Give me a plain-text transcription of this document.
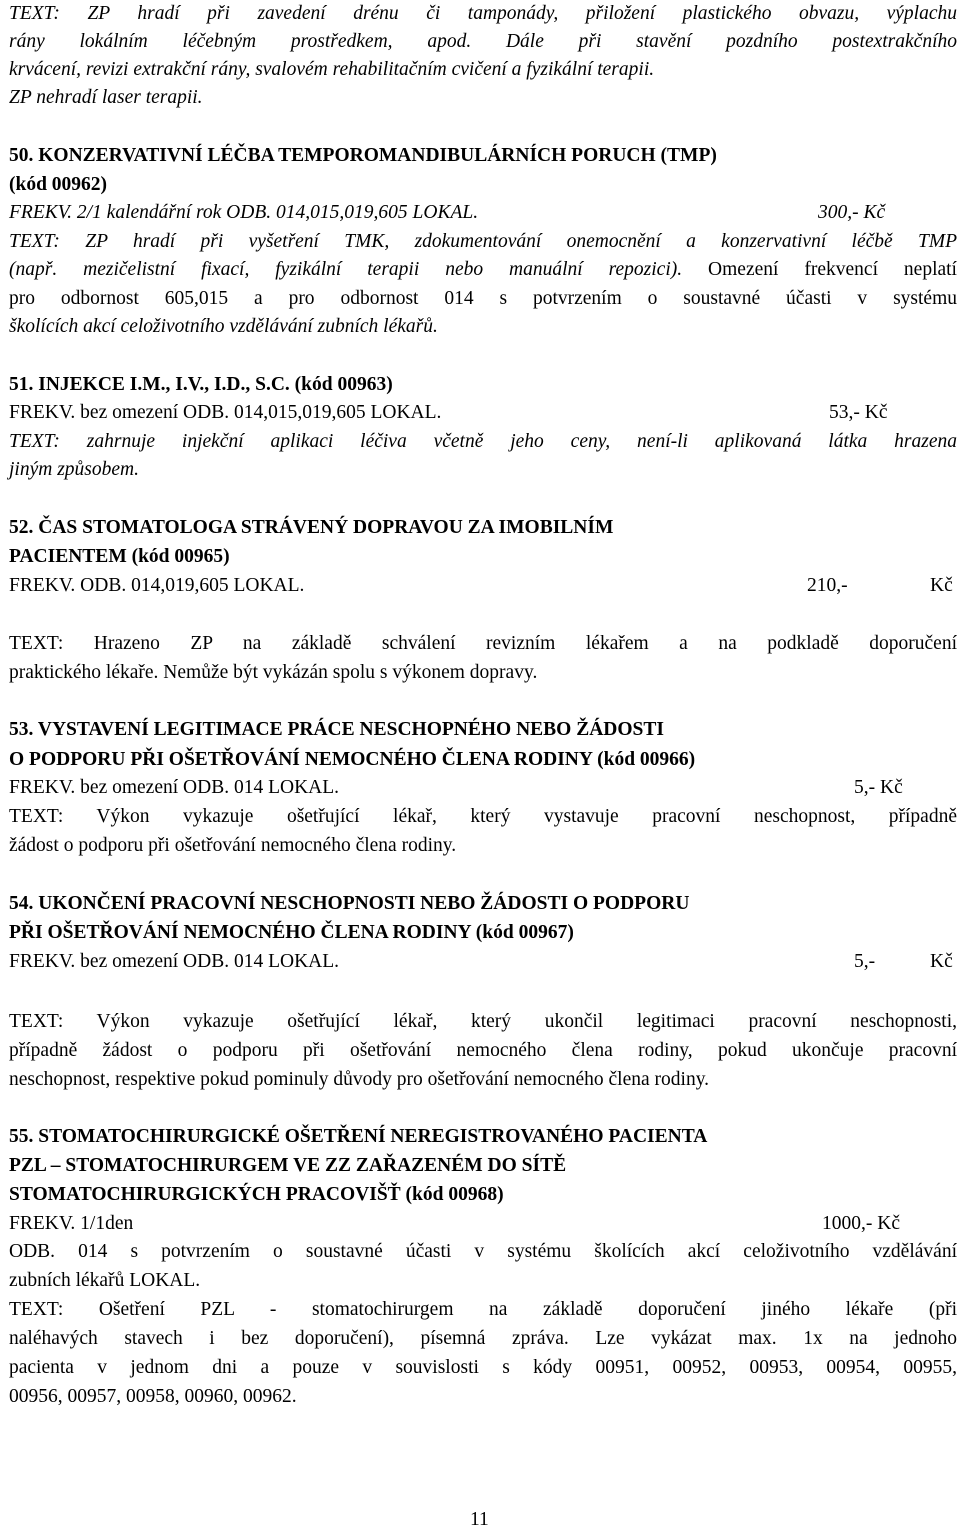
TEXT: ZP hradí při zavedení drénu či tamponády, přiložení plastického obvazu, výplachu
rány lokálním léčebným prostředkem, apod. Dále při stavění pozdního postextrakčního
krvácení, revizi extrakční rány, svalovém rehabilitačním cvičení a fyzikální terapii.
ZP nehradí laser terapii.
50. KONZERVATIVNÍ LÉČBA TEMPOROMANDIBULÁRNÍCH PORUCH (TMP)
(kód 00962)
FREKV. 2/1 kalendářní rok ODB. 014,015,019,605 LOKAL.	300,- Kč
TEXT: ZP hradí při vyšetření TMK, zdokumentování onemocnění a konzervativní léčbě TMP
(např. mezičelistní fixací, fyzikální terapii nebo manuální repozici). Omezení frekvencí neplatí
pro odbornost 605,015 a pro odbornost 014 s potvrzením o soustavné účasti v systému
školících akcí celoživotního vzdělávání zubních lékařů.
51. INJEKCE I.M., I.V., I.D., S.C. (kód 00963)
FREKV. bez omezení ODB. 014,015,019,605 LOKAL.	53,- Kč
TEXT: zahrnuje injekční aplikaci léčiva včetně jeho ceny, není-li aplikovaná látka hrazena
jiným způsobem.
52. ČAS STOMATOLOGA STRÁVENÝ DOPRAVOU ZA IMOBILNÍM
PACIENTEM (kód 00965)
FREKV. ODB. 014,019,605 LOKAL.	210,-	Kč
TEXT: Hrazeno ZP na základě schválení revizním lékařem a na podkladě doporučení
praktického lékaře. Nemůže být vykázán spolu s výkonem dopravy.
53. VYSTAVENÍ LEGITIMACE PRÁCE NESCHOPNÉHO NEBO ŽÁDOSTI
O PODPORU PŘI OŠETŘOVÁNÍ NEMOCNÉHO ČLENA RODINY (kód 00966)
FREKV. bez omezení ODB. 014 LOKAL.	5,- Kč
TEXT: Výkon vykazuje ošetřující lékař, který vystavuje pracovní neschopnost, případně
žádost o podporu při ošetřování nemocného člena rodiny.
54. UKONČENÍ PRACOVNÍ NESCHOPNOSTI NEBO ŽÁDOSTI O PODPORU
PŘI OŠETŘOVÁNÍ NEMOCNÉHO ČLENA RODINY (kód 00967)
FREKV. bez omezení ODB. 014 LOKAL.	5,-	Kč
TEXT: Výkon vykazuje ošetřující lékař, který ukončil legitimaci pracovní neschopnosti,
případně žádost o podporu při ošetřování nemocného člena rodiny, pokud ukončuje pracovní
neschopnost, respektive pokud pominuly důvody pro ošetřování nemocného člena rodiny.
55. STOMATOCHIRURGICKÉ OŠETŘENÍ NEREGISTROVANÉHO PACIENTA
PZL – STOMATOCHIRURGEM VE ZZ ZAŘAZENÉM DO SÍTĚ
STOMATOCHIRURGICKÝCH PRACOVIŠŤ (kód 00968)
FREKV. 1/1den	1000,- Kč
ODB. 014 s potvrzením o soustavné účasti v systému školících akcí celoživotního vzdělávání
zubních lékařů LOKAL.
TEXT: Ošetření PZL - stomatochirurgem na základě doporučení jiného lékaře (při
naléhavých stavech i bez doporučení), písemná zpráva. Lze vykázat max. 1x na jednoho
pacienta v jednom dni a pouze v souvislosti s kódy 00951, 00952, 00953, 00954, 00955,
00956, 00957, 00958, 00960, 00962.
11
